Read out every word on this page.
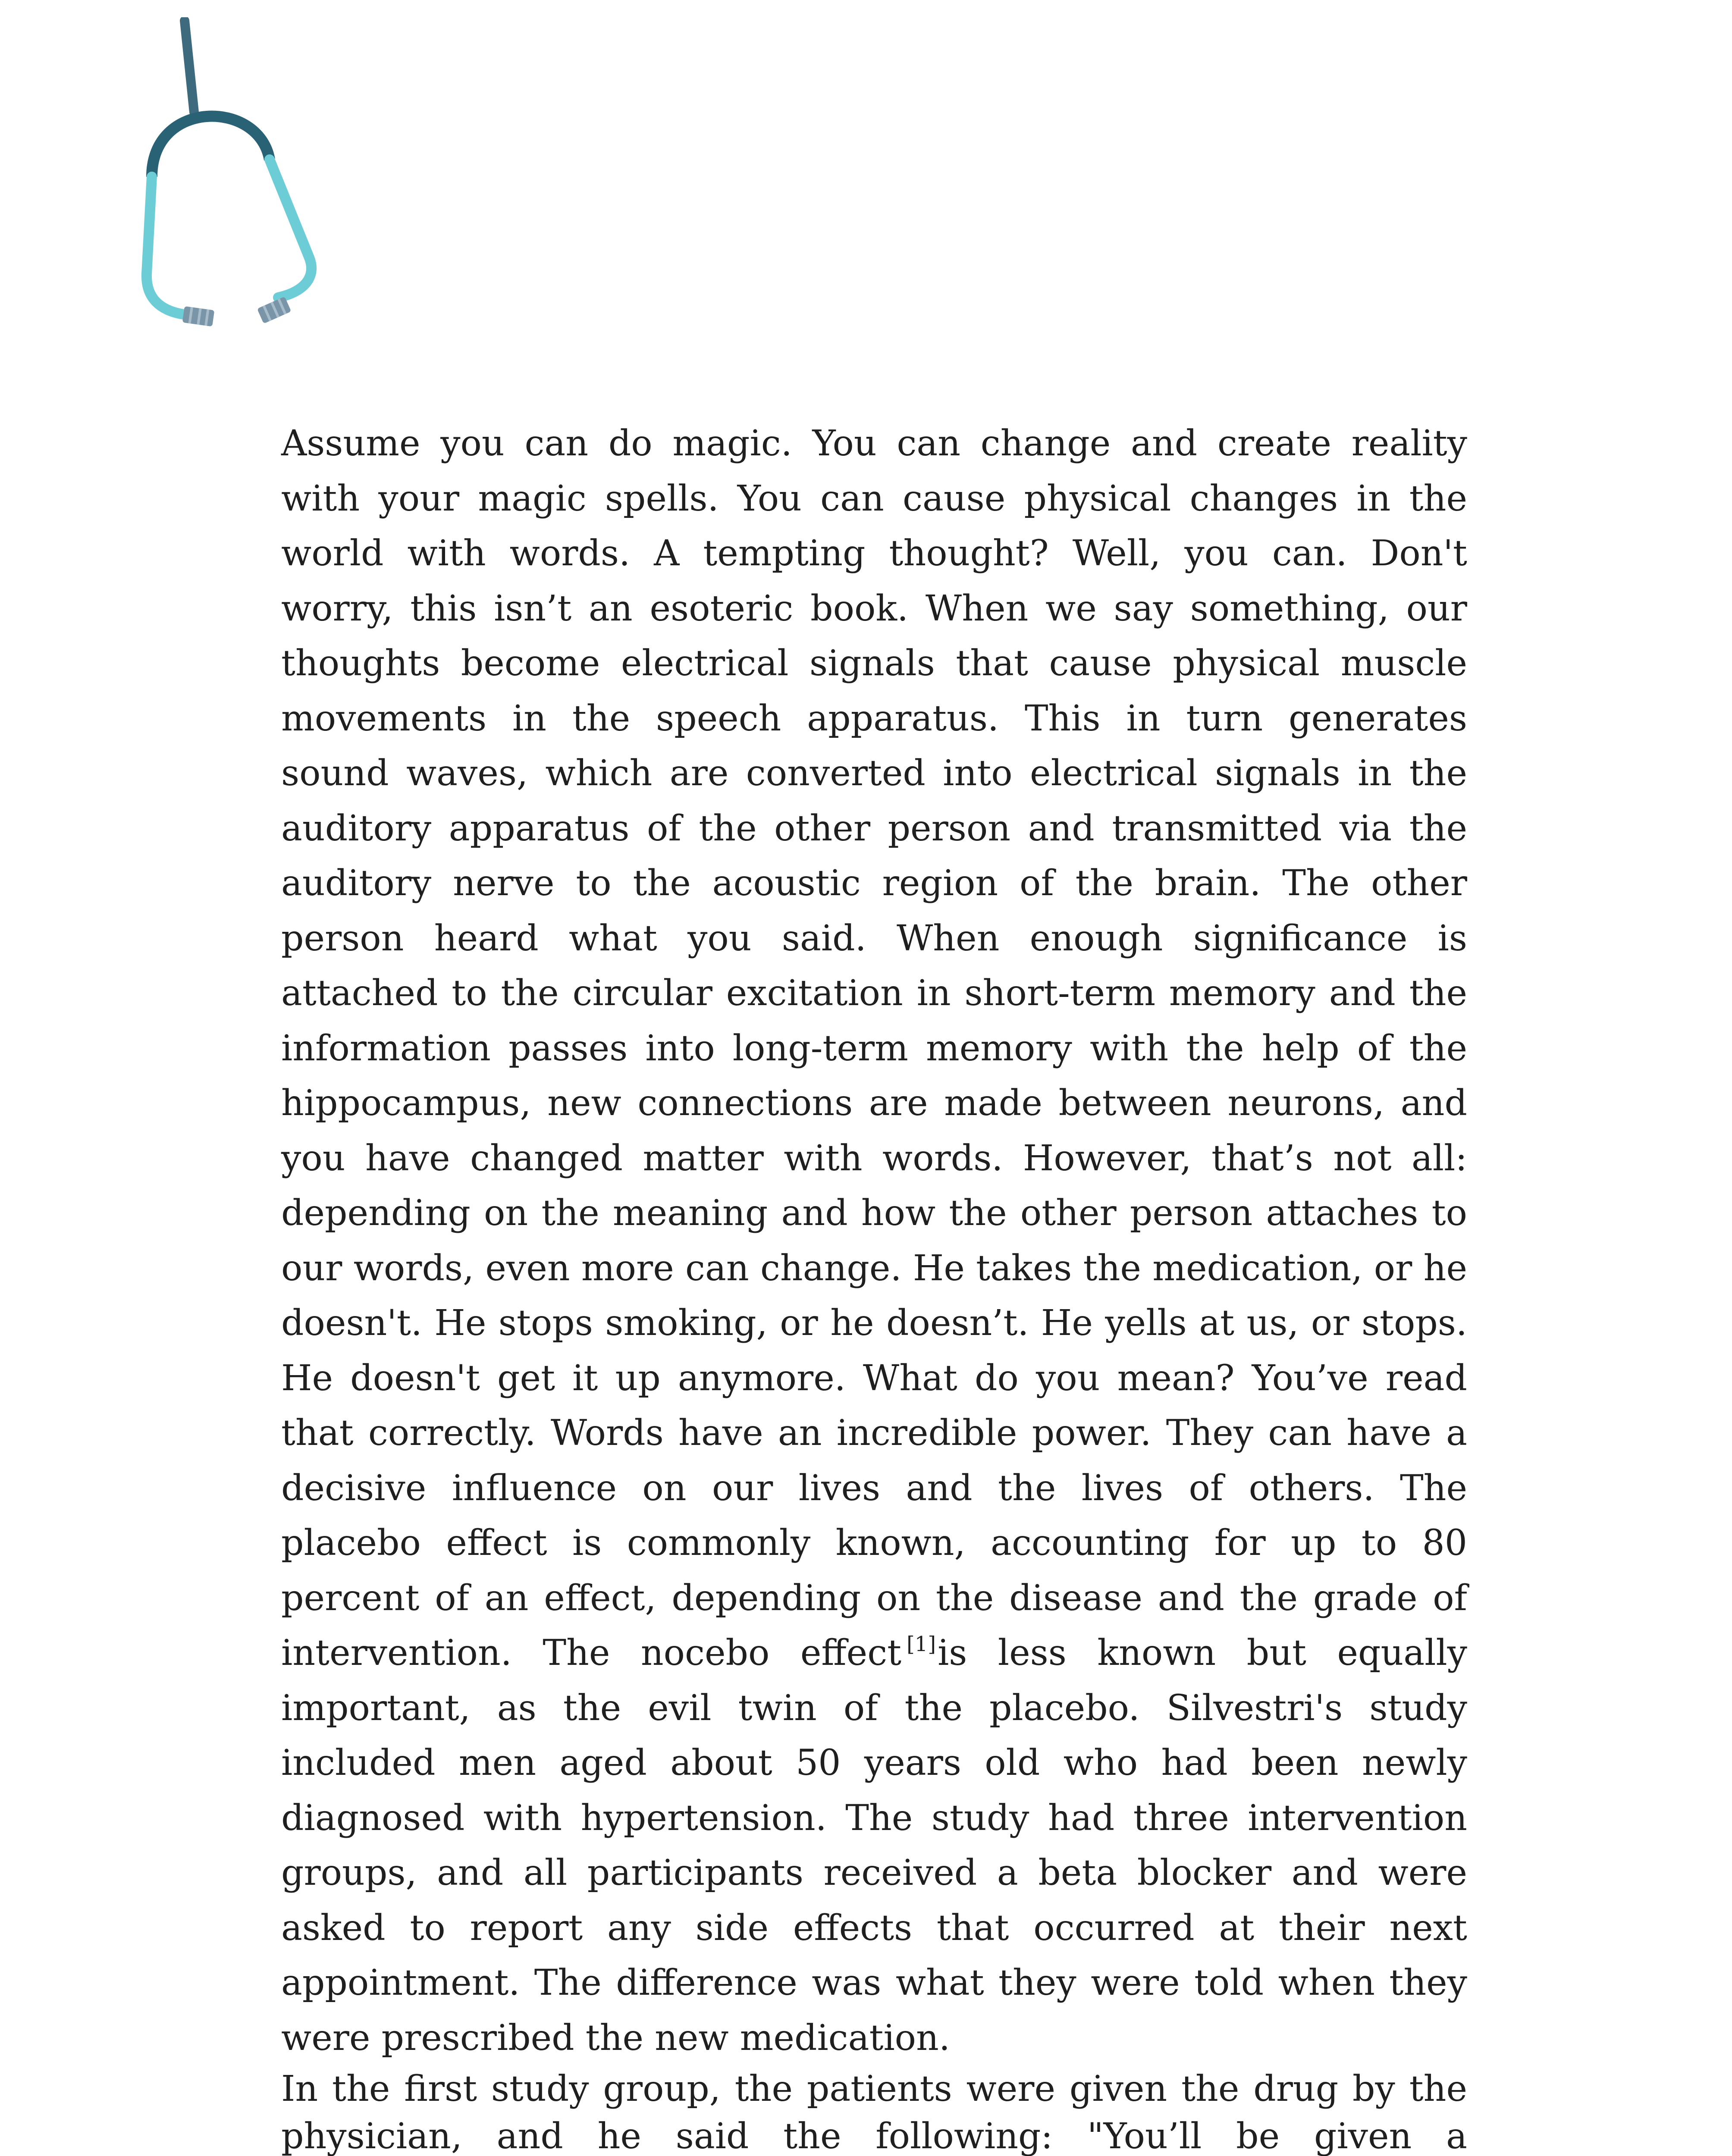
Assume you can do magic. You can change and create reality with your magic spells. You can cause physical changes in the world with words. A tempting thought? Well, you can. Don't worry, this isn’t an esoteric book. When we say something, our thoughts become electrical signals that cause physical muscle movements in the speech apparatus. This in turn generates sound waves, which are converted into electrical signals in the auditory apparatus of the other person and transmitted via the auditory nerve to the acoustic region of the brain. The other person heard what you said. When enough significance is attached to the circular excitation in short-term memory and the information passes into long-term memory with the help of the hippocampus, new connections are made between neurons, and you have changed matter with words. However, that’s not all: depending on the meaning and how the other person attaches to our words, even more can change. He takes the medication, or he doesn't. He stops smoking, or he doesn’t. He yells at us, or stops. He doesn't get it up anymore. What do you mean? You’ve read that correctly. Words have an incredible power. They can have a decisive influence on our lives and the lives of others. The placebo effect is commonly known, accounting for up to 80 percent of an effect, depending on the disease and the grade of intervention. The nocebo effect [1]is less known but equally important, as the evil twin of the placebo. Silvestri's study included men aged about 50 years old who had been newly diagnosed with hypertension. The study had three intervention groups, and all participants received a beta blocker and were asked to report any side effects that occurred at their next appointment. The difference was what they were told when they were prescribed the new medication.

In the first study group, the patients were given the drug by the physician, and he said the following: "You’ll be given a
